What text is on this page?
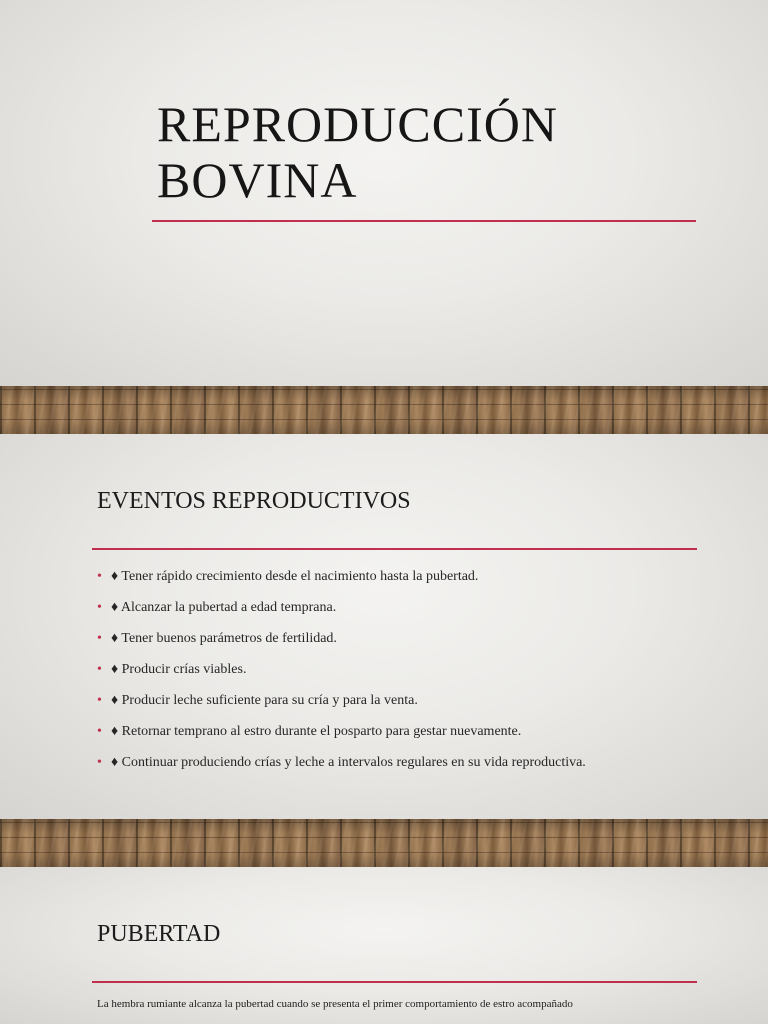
REPRODUCCIÓN
BOVINA
EVENTOS REPRODUCTIVOS
• ♦ Tener rápido crecimiento desde el nacimiento hasta la pubertad.
• ♦ Alcanzar la pubertad a edad temprana.
• ♦ Tener buenos parámetros de fertilidad.
• ♦ Producir crías viables.
• ♦ Producir leche suficiente para su cría y para la venta.
• ♦ Retornar temprano al estro durante el posparto para gestar nuevamente.
• ♦ Continuar produciendo crías y leche a intervalos regulares en su vida reproductiva.
PUBERTAD

La hembra rumiante alcanza la pubertad cuando se presenta el primer comportamiento de estro acompañado
